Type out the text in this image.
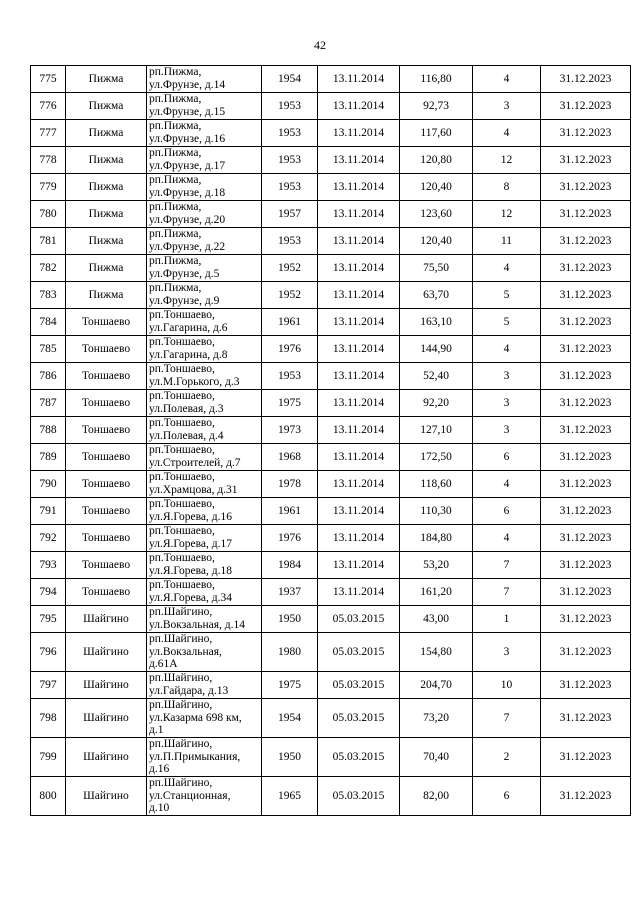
42
775	Пижма	рп.Пижма,
ул.Фрунзе, д.14	1954	13.11.2014	116,80	4	31.12.2023
776	Пижма	рп.Пижма,
ул.Фрунзе, д.15	1953	13.11.2014	92,73	3	31.12.2023
777	Пижма	рп.Пижма,
ул.Фрунзе, д.16	1953	13.11.2014	117,60	4	31.12.2023
778	Пижма	рп.Пижма,
ул.Фрунзе, д.17	1953	13.11.2014	120,80	12	31.12.2023
779	Пижма	рп.Пижма,
ул.Фрунзе, д.18	1953	13.11.2014	120,40	8	31.12.2023
780	Пижма	рп.Пижма,
ул.Фрунзе, д.20	1957	13.11.2014	123,60	12	31.12.2023
781	Пижма	рп.Пижма,
ул.Фрунзе, д.22	1953	13.11.2014	120,40	11	31.12.2023
782	Пижма	рп.Пижма,
ул.Фрунзе, д.5	1952	13.11.2014	75,50	4	31.12.2023
783	Пижма	рп.Пижма,
ул.Фрунзе, д.9	1952	13.11.2014	63,70	5	31.12.2023
784	Тоншаево	рп.Тоншаево,
ул.Гагарина, д.6	1961	13.11.2014	163,10	5	31.12.2023
785	Тоншаево	рп.Тоншаево,
ул.Гагарина, д.8	1976	13.11.2014	144,90	4	31.12.2023
786	Тоншаево	рп.Тоншаево,
ул.М.Горького, д.3	1953	13.11.2014	52,40	3	31.12.2023
787	Тоншаево	рп.Тоншаево,
ул.Полевая, д.3	1975	13.11.2014	92,20	3	31.12.2023
788	Тоншаево	рп.Тоншаево,
ул.Полевая, д.4	1973	13.11.2014	127,10	3	31.12.2023
789	Тоншаево	рп.Тоншаево,
ул.Строителей, д.7	1968	13.11.2014	172,50	6	31.12.2023
790	Тоншаево	рп.Тоншаево,
ул.Храмцова, д.31	1978	13.11.2014	118,60	4	31.12.2023
791	Тоншаево	рп.Тоншаево,
ул.Я.Горева, д.16	1961	13.11.2014	110,30	6	31.12.2023
792	Тоншаево	рп.Тоншаево,
ул.Я.Горева, д.17	1976	13.11.2014	184,80	4	31.12.2023
793	Тоншаево	рп.Тоншаево,
ул.Я.Горева, д.18	1984	13.11.2014	53,20	7	31.12.2023
794	Тоншаево	рп.Тоншаево,
ул.Я.Горева, д.34	1937	13.11.2014	161,20	7	31.12.2023
795	Шайгино	рп.Шайгино,
ул.Вокзальная, д.14	1950	05.03.2015	43,00	1	31.12.2023
796	Шайгино	рп.Шайгино,
ул.Вокзальная,
д.61А	1980	05.03.2015	154,80	3	31.12.2023
797	Шайгино	рп.Шайгино,
ул.Гайдара, д.13	1975	05.03.2015	204,70	10	31.12.2023
798	Шайгино	рп.Шайгино,
ул.Казарма 698 км,
д.1	1954	05.03.2015	73,20	7	31.12.2023
799	Шайгино	рп.Шайгино,
ул.П.Примыкания,
д.16	1950	05.03.2015	70,40	2	31.12.2023
800	Шайгино	рп.Шайгино,
ул.Станционная,
д.10	1965	05.03.2015	82,00	6	31.12.2023
